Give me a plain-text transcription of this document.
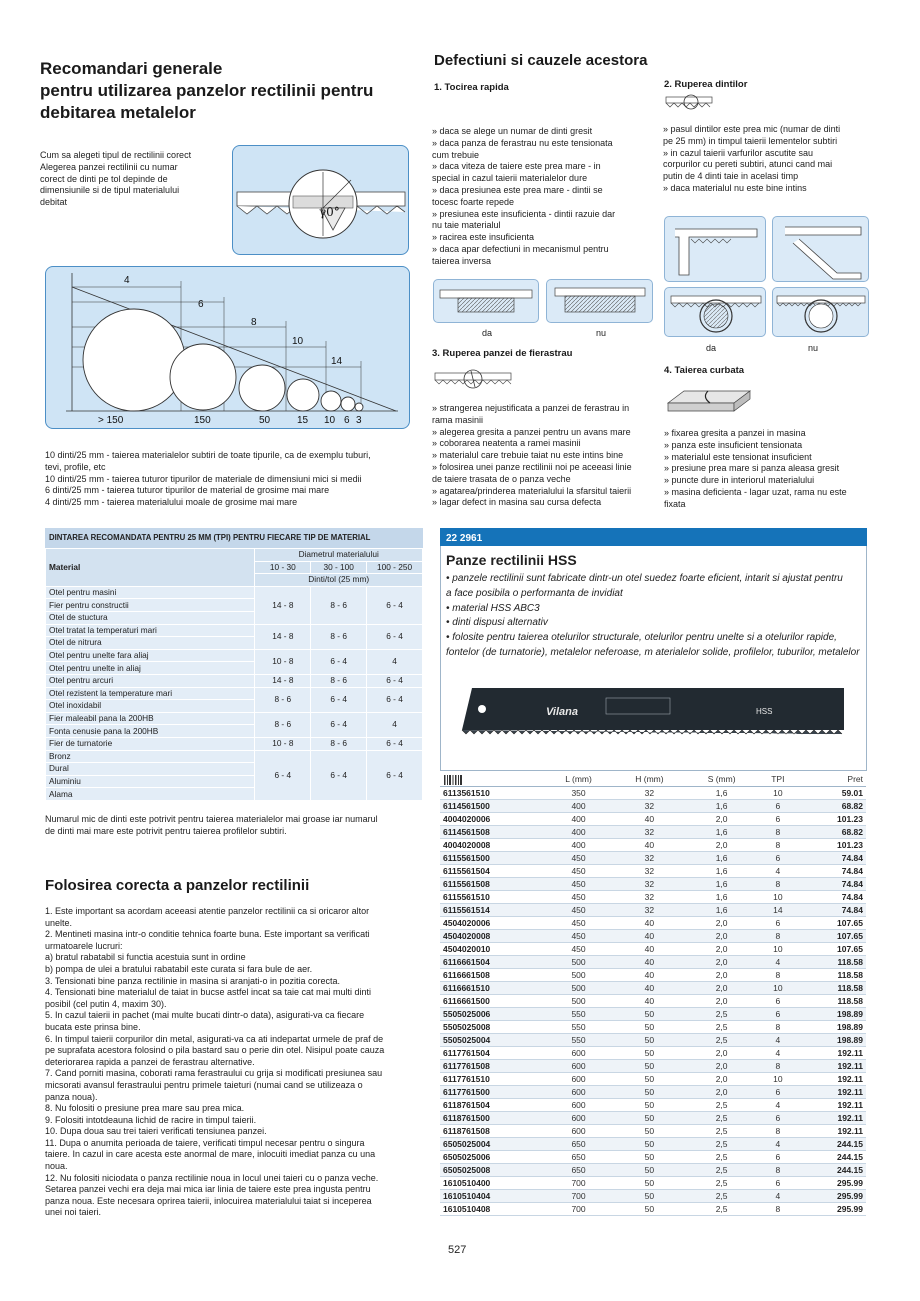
Recomandari generale
pentru utilizarea panzelor rectilinii pentru
debitarea metalelor
Cum sa alegeti tipul de rectilinii corect
Alegerea panzei rectilinii cu numar
corect de dinti pe tol depinde de
dimensiunile si de tipul materialului
debitat
γ0°
4
6
8
10
14
> 150	150	50	15 10 6 3
10 dinti/25 mm - taierea materialelor subtiri de toate tipurile, ca de exemplu tuburi,
tevi, profile, etc
10 dinti/25 mm - taierea tuturor tipurilor de materiale de dimensiuni mici si medii
6 dinti/25 mm - taierea tuturor tipurilor de material de grosime mai mare
4 dinti/25 mm - taierea materialului moale de grosime mai mare
DINTAREA RECOMANDATA PENTRU 25 MM (TPI) PENTRU FIECARE TIP DE MATERIAL
Material	Diametrul materialului		
	10 - 30	30 - 100	100 - 250
	Dinti/tol (25 mm)		
Otel pentru masini	14 - 8	8 - 6	6 - 4
Fier pentru constructii			
Otel de stuctura			
Otel tratat la temperaturi mari	14 - 8	8 - 6	6 - 4
Otel de nitrura			
Otel pentru unelte fara aliaj	10 - 8	6 - 4	4
Otel pentru unelte in aliaj			
Otel pentru arcuri	14 - 8	8 - 6	6 - 4
Otel rezistent la temperature mari	8 - 6	6 - 4	6 - 4
Otel inoxidabil			
Fier maleabil pana la 200HB	8 - 6	6 - 4	4
Fonta cenusie pana la 200HB			
Fier de turnatorie	10 - 8	8 - 6	6 - 4
Bronz	6 - 4	6 - 4	6 - 4
Dural			
Aluminiu			
Alama			
Numarul mic de dinti este potrivit pentru taierea materialelor mai groase iar numarul
de dinti mai mare este potrivit pentru taierea profilelor subtiri.
Folosirea corecta a panzelor rectilinii
1. Este important sa acordam aceeasi atentie panzelor rectilinii ca si oricaror altor
unelte.
2. Mentineti masina intr-o conditie tehnica foarte buna. Este important sa verificati
urmatoarele lucruri:
a) bratul rabatabil si functia acestuia sunt in ordine
b) pompa de ulei a bratului rabatabil este curata si fara bule de aer.
3. Tensionati bine panza rectilinie in masina si aranjati-o in pozitia corecta.
4. Tensionati bine materialul de taiat in bucse astfel incat sa taie cat mai multi dinti
posibil (cel putin 4, maxim 30).
5. In cazul taierii in pachet (mai multe bucati dintr-o data), asigurati-va ca fiecare
bucata este prinsa bine.
6. In timpul taierii corpurilor din metal, asigurati-va ca ati indepartat urmele de praf de
pe suprafata acestora folosind o pila bastard sau o perie din otel. Nisipul poate cauza
deteriorarea rapida a panzei de ferastrau alternative.
7. Cand porniti masina, coborati rama ferastraului cu grija si modificati presiunea sau
micsorati avansul ferastraului pentru primele taieturi (numai cand se utilizeaza o
panza noua).
8. Nu folositi o presiune prea mare sau prea mica.
9. Folositi intotdeauna lichid de racire in timpul taierii.
10. Dupa doua sau trei taieri verificati tensiunea panzei.
11. Dupa o anumita perioada de taiere, verificati timpul necesar pentru o singura
taiere. In cazul in care acesta este anormal de mare, inlocuiti imediat panza cu una
noua.
12. Nu folositi niciodata o panza rectilinie noua in locul unei taieri cu o panza veche.
Setarea panzei vechi era deja mai mica iar linia de taiere este prea ingusta pentru
panza noua. Este necesara oprirea taierii, inlocuirea materialului taiat si inceperea
unei noi taieri.
Defectiuni si cauzele acestora
1. Tocirea rapida
» daca se alege un numar de dinti gresit
» daca panza de ferastrau nu este tensionata
cum trebuie
» daca viteza de taiere este prea mare - in
special in cazul taierii materialelor dure
» daca presiunea este prea mare - dintii se
tocesc foarte repede
» presiunea este insuficienta - dintii razuie dar
nu taie materialul
» racirea este insuficienta
» daca apar defectiuni in mecanismul pentru
taierea inversa
da	nu
2. Ruperea dintilor
» pasul dintilor este prea mic (numar de dinti
pe 25 mm) in timpul taierii lementelor subtiri
» in cazul taierii varfurilor ascutite sau
corpurilor cu pereti subtiri, atunci cand mai
putin de 4 dinti taie in acelasi timp
» daca materialul nu este bine intins
da	nu
3. Ruperea panzei de fierastrau
» strangerea nejustificata a panzei de ferastrau in
rama masinii
» alegerea gresita a panzei pentru un avans mare
» coborarea neatenta a ramei masinii
» materialul care trebuie taiat nu este intins bine
» folosirea unei panze rectilinii noi pe aceeasi linie
de taiere trasata de o panza veche
» agatarea/prinderea materialului la sfarsitul taierii
» lagar defect in masina sau cursa defecta
4. Taierea curbata
» fixarea gresita a panzei in masina
» panza este insuficient tensionata
» materialul este tensionat insuficient
» presiune prea mare si panza aleasa gresit
» puncte dure in interiorul materialului
» masina deficienta - lagar uzat, rama nu este
fixata
22 2961
Panze rectilinii HSS
• panzele rectilinii sunt fabricate dintr-un otel suedez foarte eficient, intarit si ajustat pentru
a face posibila o performanta de invidiat
• material HSS ABC3
• dinti dispusi alternativ
• folosite pentru taierea otelurilor structurale, otelurilor pentru unelte si a otelurilor rapide,
fontelor (de turnatorie), metalelor neferoase, m aterialelor solide, profilelor, tuburilor, metalelor
Vilana	HSS
	L (mm)	H (mm)	S (mm)	TPI	Pret
6113561510	350	32	1,6	10	59.01
6114561500	400	32	1,6	6	68.82
4004020006	400	40	2,0	6	101.23
6114561508	400	32	1,6	8	68.82
4004020008	400	40	2,0	8	101.23
6115561500	450	32	1,6	6	74.84
6115561504	450	32	1,6	4	74.84
6115561508	450	32	1,6	8	74.84
6115561510	450	32	1,6	10	74.84
6115561514	450	32	1,6	14	74.84
4504020006	450	40	2,0	6	107.65
4504020008	450	40	2,0	8	107.65
4504020010	450	40	2,0	10	107.65
6116661504	500	40	2,0	4	118.58
6116661508	500	40	2,0	8	118.58
6116661510	500	40	2,0	10	118.58
6116661500	500	40	2,0	6	118.58
5505025006	550	50	2,5	6	198.89
5505025008	550	50	2,5	8	198.89
5505025004	550	50	2,5	4	198.89
6117761504	600	50	2,0	4	192.11
6117761508	600	50	2,0	8	192.11
6117761510	600	50	2,0	10	192.11
6117761500	600	50	2,0	6	192.11
6118761504	600	50	2,5	4	192.11
6118761500	600	50	2,5	6	192.11
6118761508	600	50	2,5	8	192.11
6505025004	650	50	2,5	4	244.15
6505025006	650	50	2,5	6	244.15
6505025008	650	50	2,5	8	244.15
1610510400	700	50	2,5	6	295.99
1610510404	700	50	2,5	4	295.99
1610510408	700	50	2,5	8	295.99
527
